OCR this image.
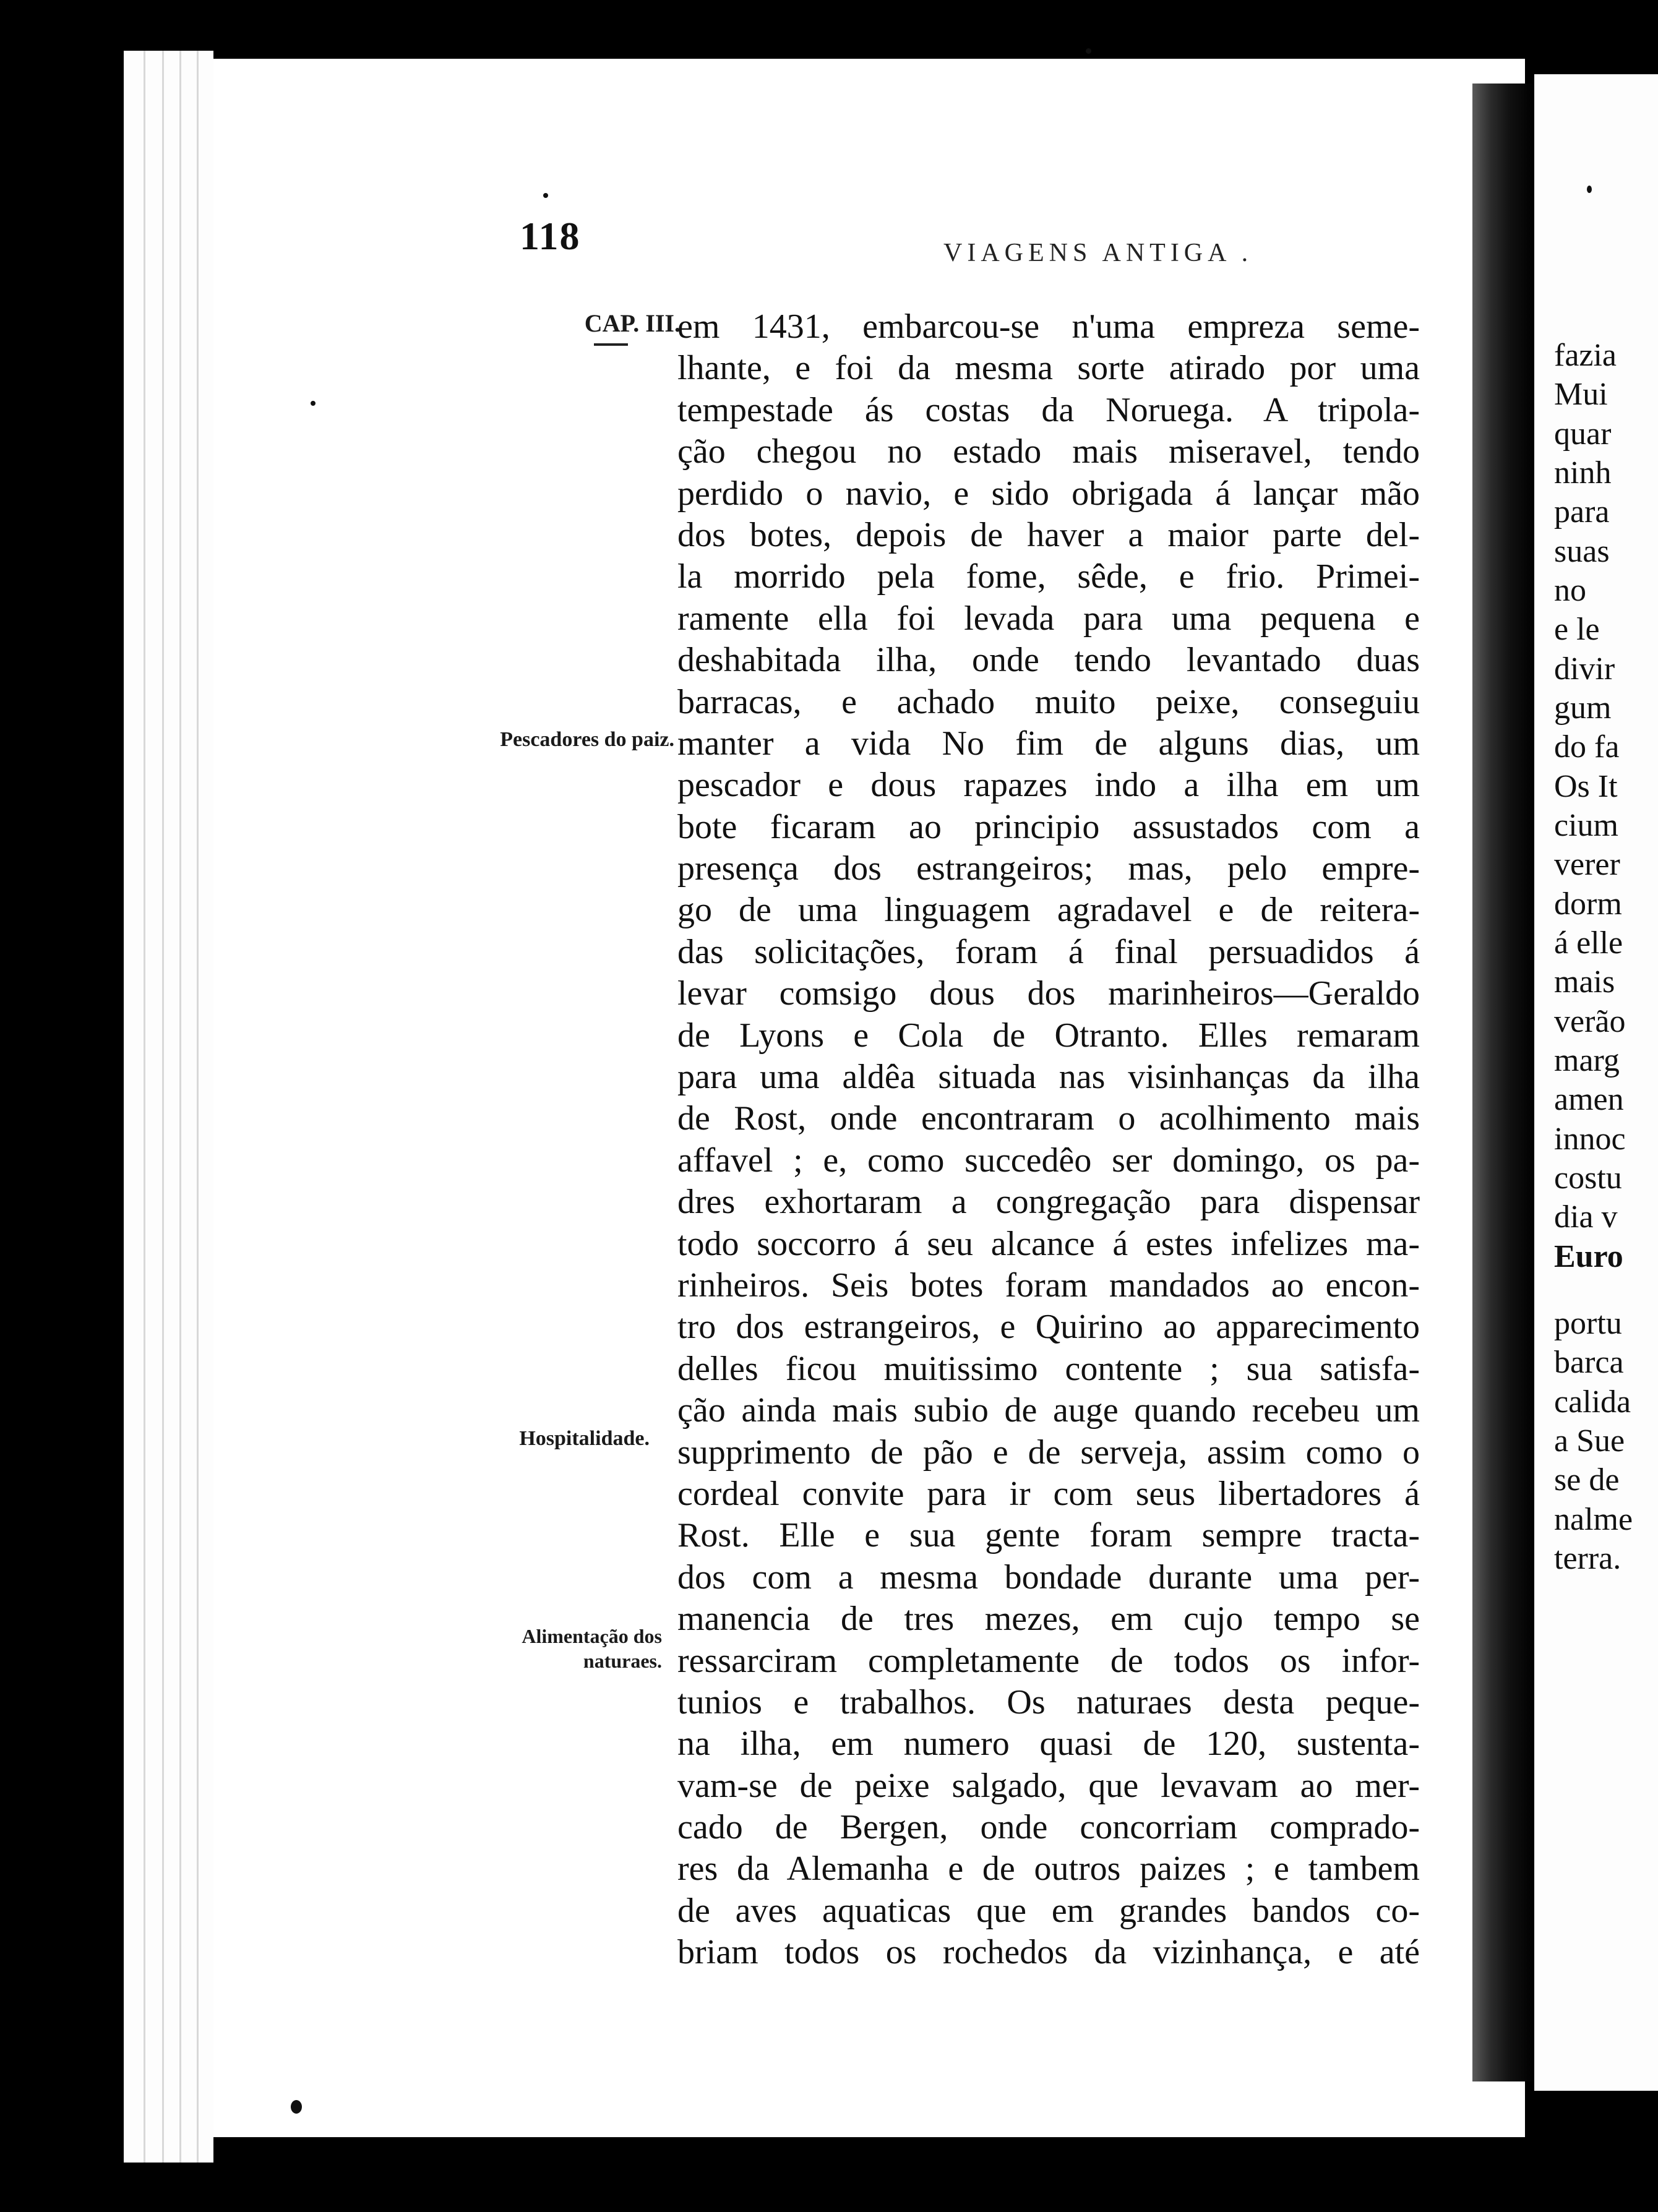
118	VIAGENS ANTIGA .
CAP. III.
Pescadores do paiz.
Hospitalidade.
Alimentação dos naturaes.
em 1431, embarcou-se n'uma empreza seme-
lhante, e foi da mesma sorte atirado por uma
tempestade ás costas da Noruega. A tripola-
ção chegou no estado mais miseravel, tendo
perdido o navio, e sido obrigada á lançar mão
dos botes, depois de haver a maior parte del-
la morrido pela fome, sêde, e frio. Primei-
ramente ella foi levada para uma pequena e
deshabitada ilha, onde tendo levantado duas
barracas, e achado muito peixe, conseguiu
manter a vida No fim de alguns dias, um
pescador e dous rapazes indo a ilha em um
bote ficaram ao principio assustados com a
presença dos estrangeiros; mas, pelo empre-
go de uma linguagem agradavel e de reitera-
das solicitações, foram á final persuadidos á
levar comsigo dous dos marinheiros—Geraldo
de Lyons e Cola de Otranto. Elles remaram
para uma aldêa situada nas visinhanças da ilha
de Rost, onde encontraram o acolhimento mais
affavel ; e, como succedêo ser domingo, os pa-
dres exhortaram a congregação para dispensar
todo soccorro á seu alcance á estes infelizes ma-
rinheiros. Seis botes foram mandados ao encon-
tro dos estrangeiros, e Quirino ao apparecimento
delles ficou muitissimo contente ; sua satisfa-
ção ainda mais subio de auge quando recebeu um
supprimento de pão e de serveja, assim como o
cordeal convite para ir com seus libertadores á
Rost. Elle e sua gente foram sempre tracta-
dos com a mesma bondade durante uma per-
manencia de tres mezes, em cujo tempo se
ressarciram completamente de todos os infor-
tunios e trabalhos. Os naturaes desta peque-
na ilha, em numero quasi de 120, sustenta-
vam-se de peixe salgado, que levavam ao mer-
cado de Bergen, onde concorriam comprado-
res da Alemanha e de outros paizes ; e tambem
de aves aquaticas que em grandes bandos co-
briam todos os rochedos da vizinhança, e até
fazia
Mui
quar
ninh
para
suas
no
e le
divir
gum
do fa
Os It
cium
verer
dorm
á elle
mais
verão
marg
amen
innoc
costu
dia v
Euro
portu
barca
calida
a Sue
se de
nalme
terra.
